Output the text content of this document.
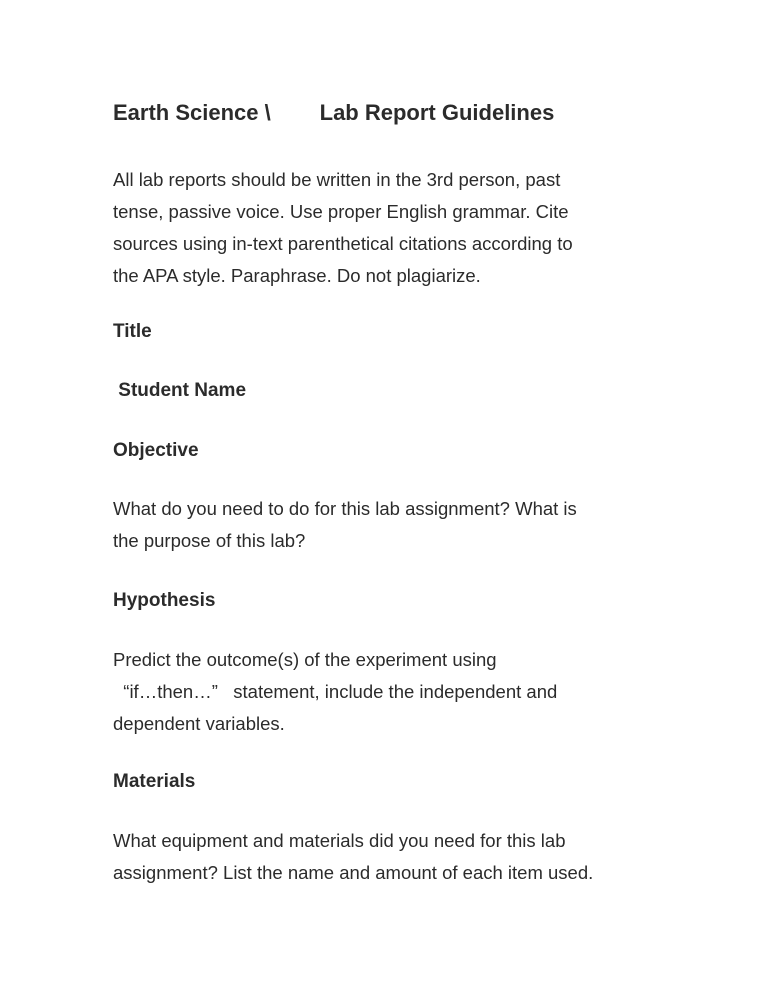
Earth Science \        Lab Report Guidelines

All lab reports should be written in the 3rd person, past
tense, passive voice. Use proper English grammar. Cite
sources using in-text parenthetical citations according to
the APA style. Paraphrase. Do not plagiarize.

Title
Student Name
Objective

What do you need to do for this lab assignment? What is
the purpose of this lab?

Hypothesis

Predict the outcome(s) of the experiment using
“if…then…”   statement, include the independent and
dependent variables.

Materials

What equipment and materials did you need for this lab
assignment? List the name and amount of each item used.
